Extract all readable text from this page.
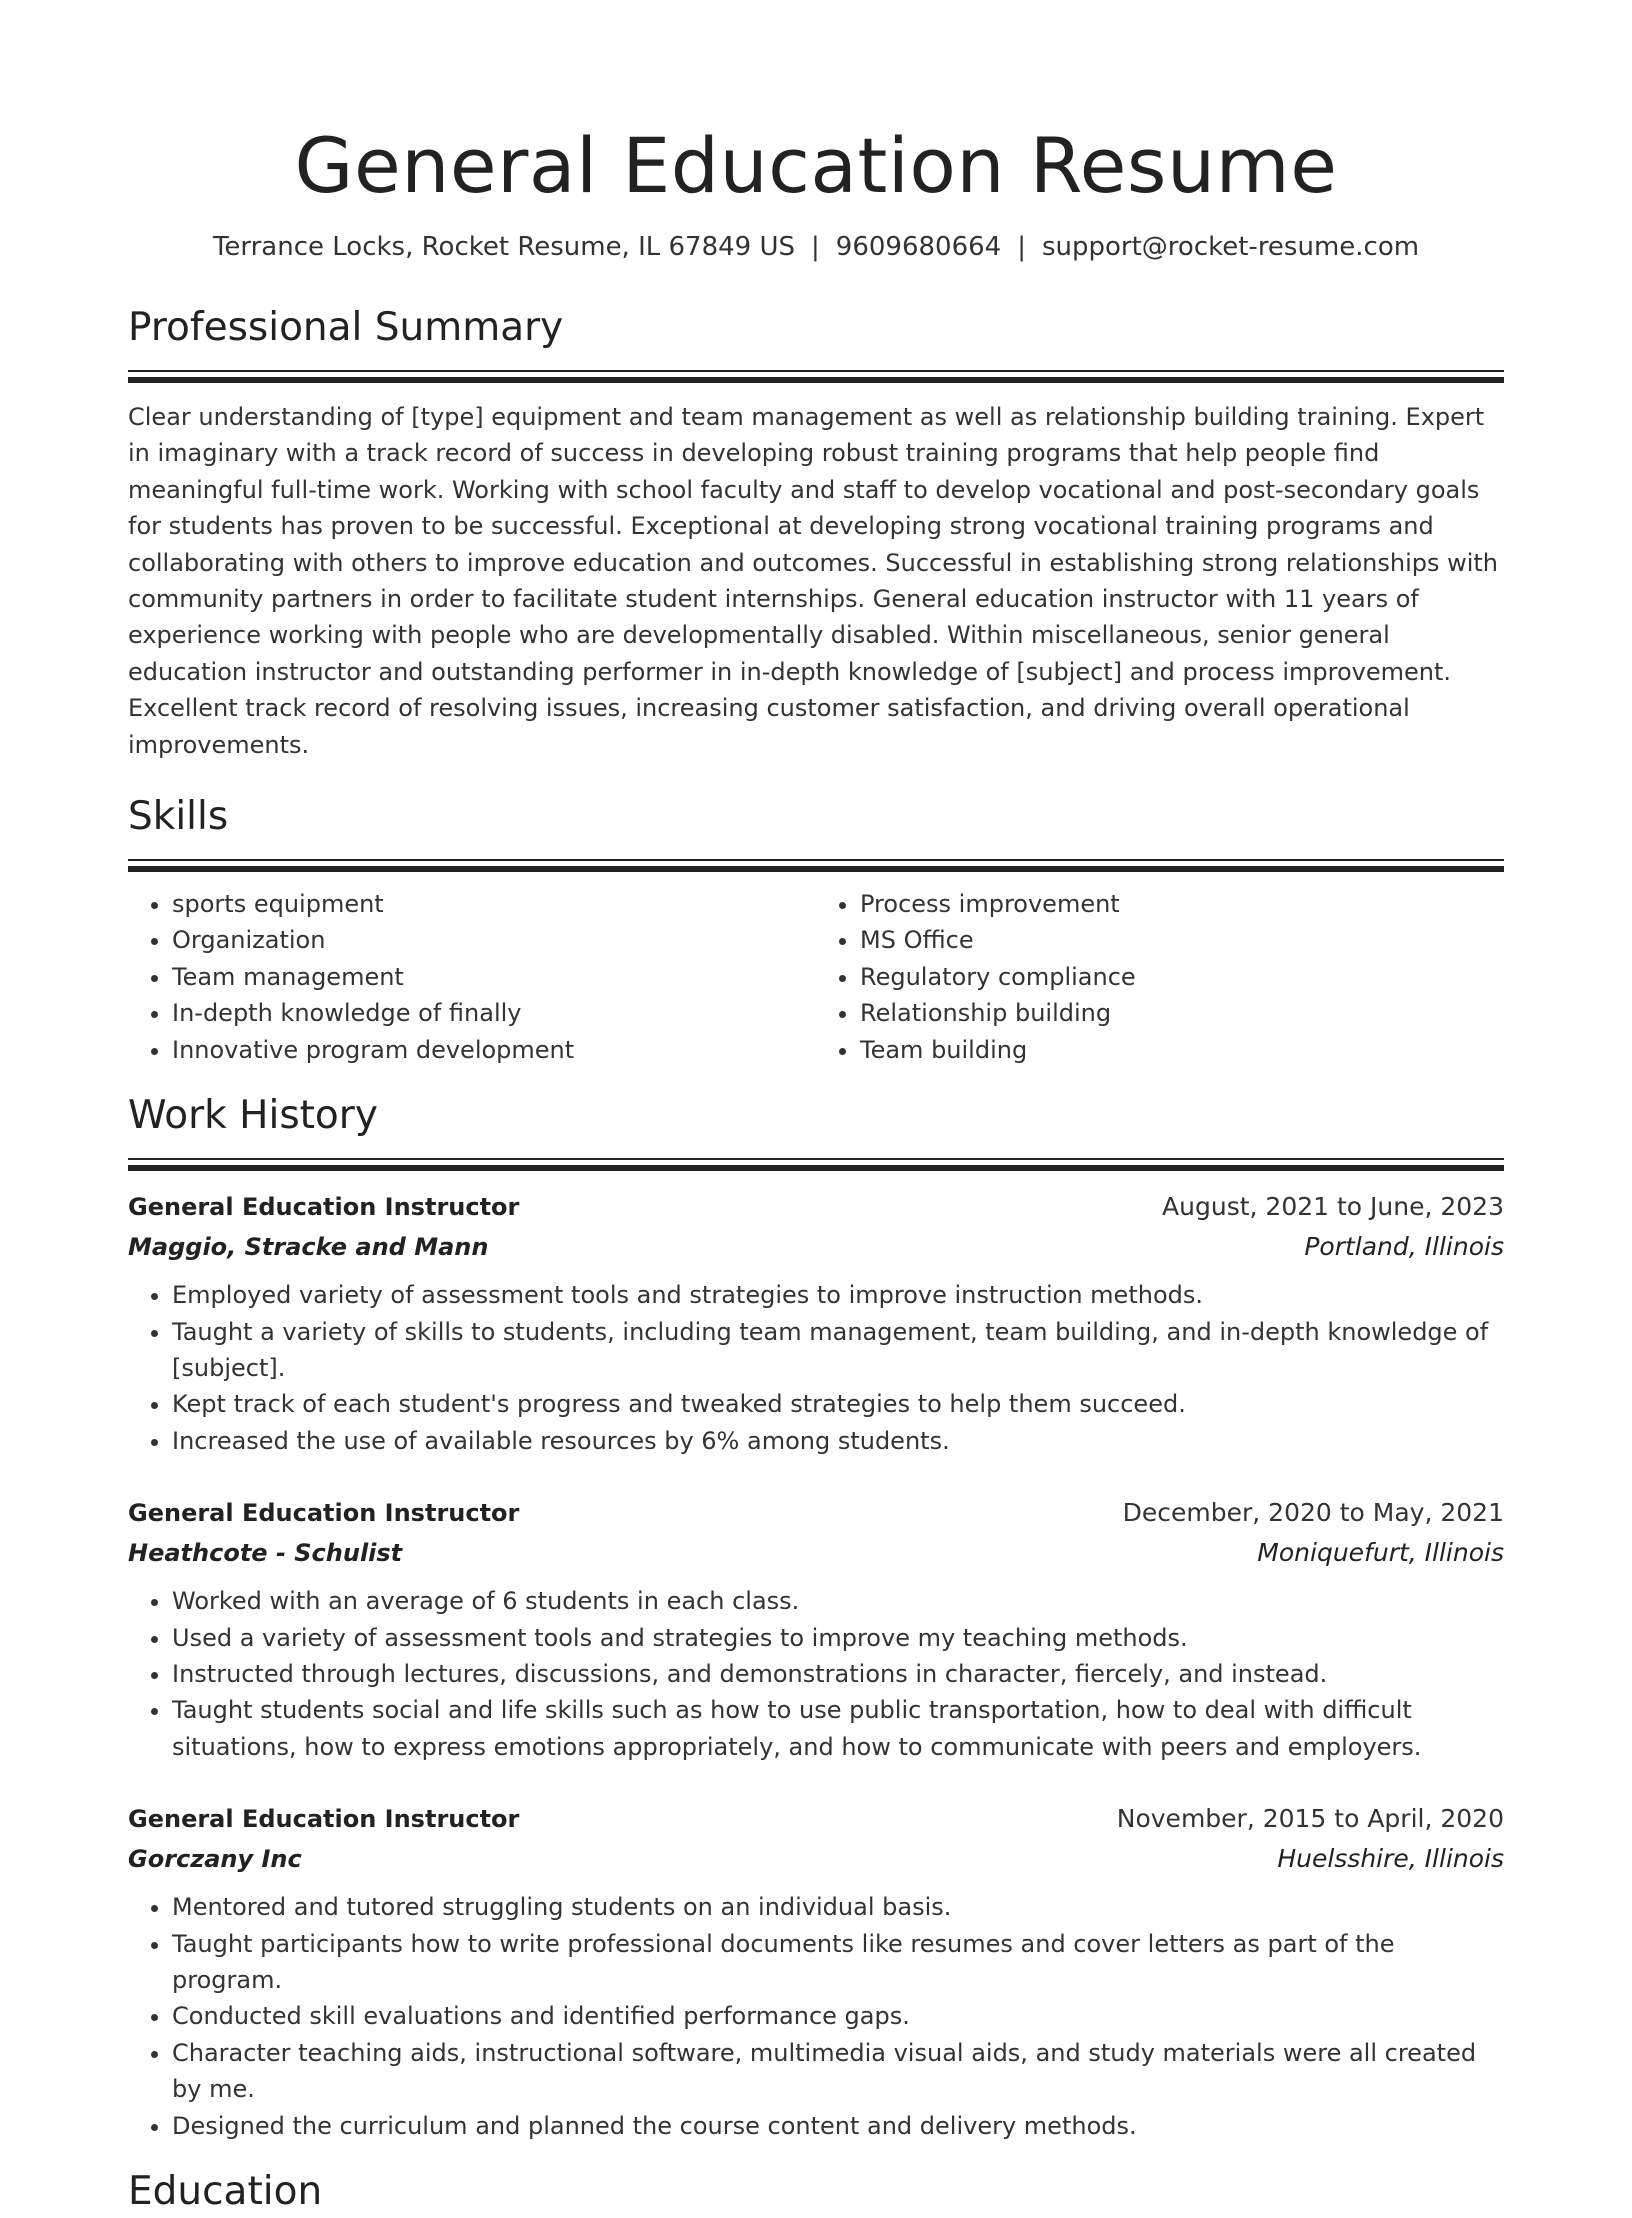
General Education Resume
Terrance Locks, Rocket Resume, IL 67849 US | 9609680664 | support@rocket-resume.com
Professional Summary

Clear understanding of [type] equipment and team management as well as relationship building training. Expert in imaginary with a track record of success in developing robust training programs that help people find meaningful full-time work. Working with school faculty and staff to develop vocational and post-secondary goals for students has proven to be successful. Exceptional at developing strong vocational training programs and collaborating with others to improve education and outcomes. Successful in establishing strong relationships with community partners in order to facilitate student internships. General education instructor with 11 years of experience working with people who are developmentally disabled. Within miscellaneous, senior general education instructor and outstanding performer in in-depth knowledge of [subject] and process improvement. Excellent track record of resolving issues, increasing customer satisfaction, and driving overall operational improvements.

Skills
• sports equipment
• Organization
• Team management
• In-depth knowledge of finally
• Innovative program development
• Process improvement
• MS Office
• Regulatory compliance
• Relationship building
• Team building
Work History
General Education Instructor	August, 2021 to June, 2023
Maggio, Stracke and Mann	Portland, Illinois
• Employed variety of assessment tools and strategies to improve instruction methods.
• Taught a variety of skills to students, including team management, team building, and in-depth knowledge of [subject].
• Kept track of each student's progress and tweaked strategies to help them succeed.
• Increased the use of available resources by 6% among students.
General Education Instructor	December, 2020 to May, 2021
Heathcote - Schulist	Moniquefurt, Illinois
• Worked with an average of 6 students in each class.
• Used a variety of assessment tools and strategies to improve my teaching methods.
• Instructed through lectures, discussions, and demonstrations in character, fiercely, and instead.
• Taught students social and life skills such as how to use public transportation, how to deal with difficult situations, how to express emotions appropriately, and how to communicate with peers and employers.
General Education Instructor	November, 2015 to April, 2020
Gorczany Inc	Huelsshire, Illinois
• Mentored and tutored struggling students on an individual basis.
• Taught participants how to write professional documents like resumes and cover letters as part of the program.
• Conducted skill evaluations and identified performance gaps.
• Character teaching aids, instructional software, multimedia visual aids, and study materials were all created by me.
• Designed the curriculum and planned the course content and delivery methods.
Education
